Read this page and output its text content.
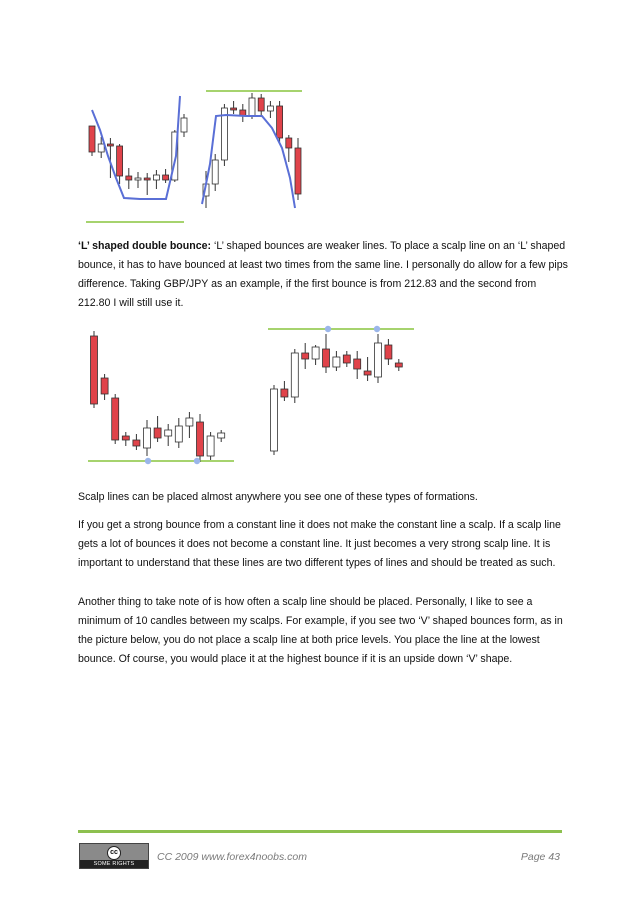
‘L’ shaped double bounce: ‘L’ shaped bounces are weaker lines. To place a scalp line on an ‘L’ shaped bounce, it has to have bounced at least two times from the same line. I personally do allow for a few pips difference. Taking GBP/JPY as an example, if the first bounce is from 212.83 and the second from 212.80 I will still use it.

Scalp lines can be placed almost anywhere you see one of these types of formations.

If you get a strong bounce from a constant line it does not make the constant line a scalp. If a scalp line gets a lot of bounces it does not become a constant line. It just becomes a very strong scalp line. It is important to understand that these lines are two different types of lines and should be treated as such.

Another thing to take note of is how often a scalp line should be placed. Personally, I like to see a minimum of 10 candles between my scalps. For example, if you see two ‘V’ shaped bounces form, as in the picture below, you do not place a scalp line at both price levels. You place the line at the lowest bounce. Of course, you would place it at the highest bounce if it is an upside down ‘V’ shape.

cc
SOME RIGHTS RESERVED
CC 2009 www.forex4noobs.com	Page 43
